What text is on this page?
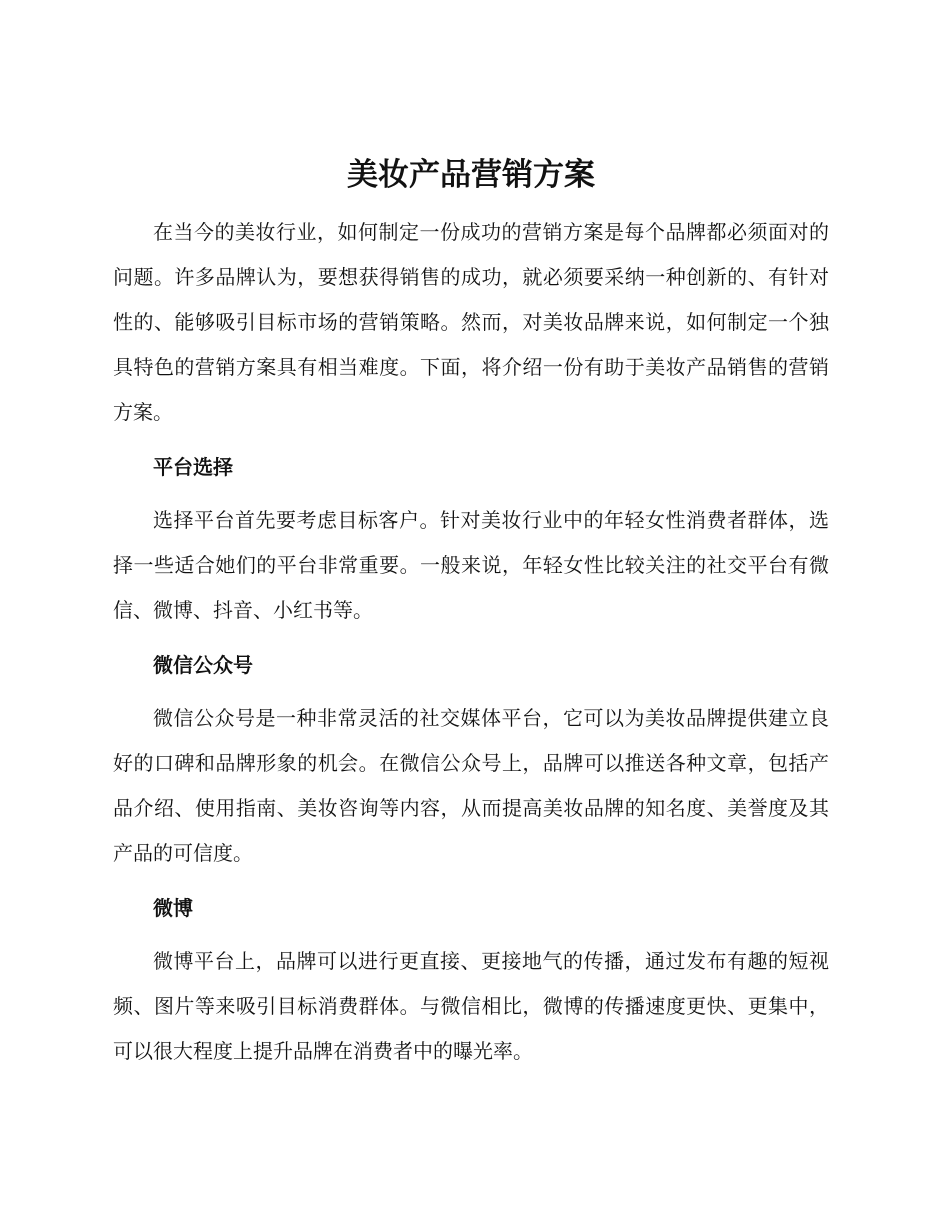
美妆产品营销方案

在当今的美妆行业，如何制定一份成功的营销方案是每个品牌都必须面对的问题。许多品牌认为，要想获得销售的成功，就必须要采纳一种创新的、有针对性的、能够吸引目标市场的营销策略。然而，对美妆品牌来说，如何制定一个独具特色的营销方案具有相当难度。下面，将介绍一份有助于美妆产品销售的营销方案。

平台选择

选择平台首先要考虑目标客户。针对美妆行业中的年轻女性消费者群体，选择一些适合她们的平台非常重要。一般来说，年轻女性比较关注的社交平台有微信、微博、抖音、小红书等。

微信公众号

微信公众号是一种非常灵活的社交媒体平台，它可以为美妆品牌提供建立良好的口碑和品牌形象的机会。在微信公众号上，品牌可以推送各种文章，包括产品介绍、使用指南、美妆咨询等内容，从而提高美妆品牌的知名度、美誉度及其产品的可信度。

微博

微博平台上，品牌可以进行更直接、更接地气的传播，通过发布有趣的短视频、图片等来吸引目标消费群体。与微信相比，微博的传播速度更快、更集中，可以很大程度上提升品牌在消费者中的曝光率。
